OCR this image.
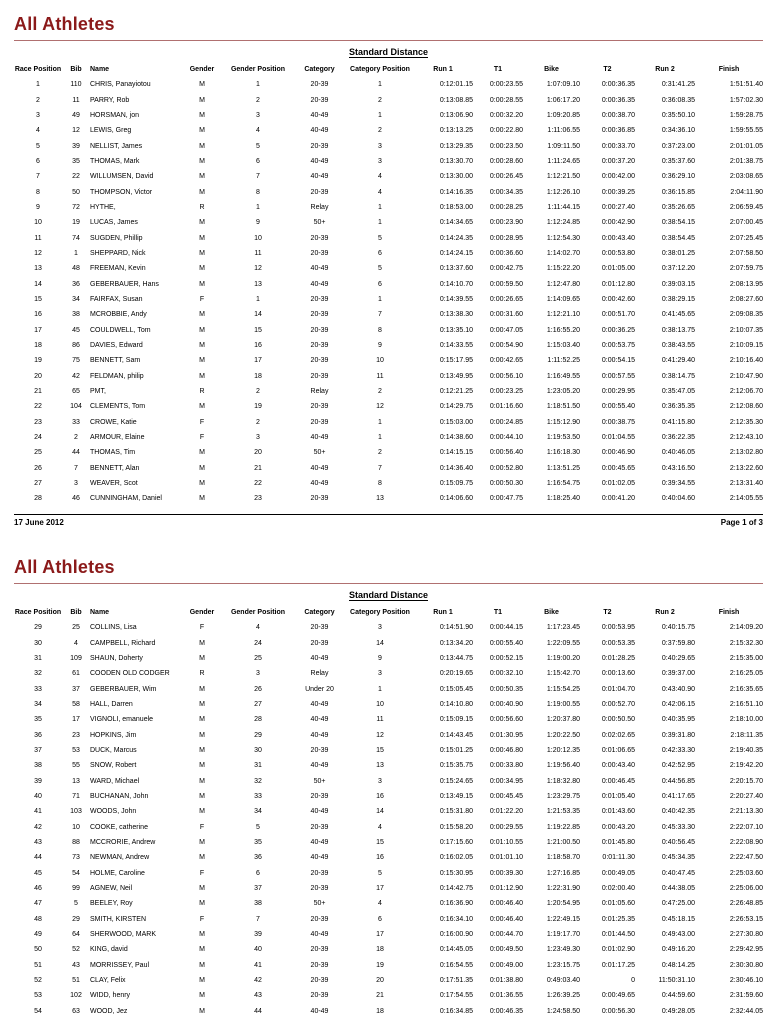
All Athletes
Standard Distance
Race Position	Bib	Name	Gender	Gender Position	Category	Category Position	Run 1	T1	Bike	T2	Run 2	Finish
1	110	CHRIS, Panayiotou	M	1	20-39	1	0:12:01.15	0:00:23.55	1:07:09.10	0:00:36.35	0:31:41.25	1:51:51.40
2	11	PARRY, Rob	M	2	20-39	2	0:13:08.85	0:00:28.55	1:06:17.20	0:00:36.35	0:36:08.35	1:57:02.30
3	49	HORSMAN, jon	M	3	40-49	1	0:13:06.90	0:00:32.20	1:09:20.85	0:00:38.70	0:35:50.10	1:59:28.75
4	12	LEWIS, Greg	M	4	40-49	2	0:13:13.25	0:00:22.80	1:11:06.55	0:00:36.85	0:34:36.10	1:59:55.55
5	39	NELLIST, James	M	5	20-39	3	0:13:29.35	0:00:23.50	1:09:11.50	0:00:33.70	0:37:23.00	2:01:01.05
6	35	THOMAS, Mark	M	6	40-49	3	0:13:30.70	0:00:28.60	1:11:24.65	0:00:37.20	0:35:37.60	2:01:38.75
7	22	WILLUMSEN, David	M	7	40-49	4	0:13:30.00	0:00:26.45	1:12:21.50	0:00:42.00	0:36:29.10	2:03:08.65
8	50	THOMPSON, Victor	M	8	20-39	4	0:14:16.35	0:00:34.35	1:12:26.10	0:00:39.25	0:36:15.85	2:04:11.90
9	72	HYTHE,	R	1	Relay	1	0:18:53.00	0:00:28.25	1:11:44.15	0:00:27.40	0:35:26.65	2:06:59.45
10	19	LUCAS, James	M	9	50+	1	0:14:34.65	0:00:23.90	1:12:24.85	0:00:42.90	0:38:54.15	2:07:00.45
11	74	SUGDEN, Phillip	M	10	20-39	5	0:14:24.35	0:00:28.95	1:12:54.30	0:00:43.40	0:38:54.45	2:07:25.45
12	1	SHEPPARD, Nick	M	11	20-39	6	0:14:24.15	0:00:36.60	1:14:02.70	0:00:53.80	0:38:01.25	2:07:58.50
13	48	FREEMAN, Kevin	M	12	40-49	5	0:13:37.60	0:00:42.75	1:15:22.20	0:01:05.00	0:37:12.20	2:07:59.75
14	36	GEBERBAUER, Hans	M	13	40-49	6	0:14:10.70	0:00:59.50	1:12:47.80	0:01:12.80	0:39:03.15	2:08:13.95
15	34	FAIRFAX, Susan	F	1	20-39	1	0:14:39.55	0:00:26.65	1:14:09.65	0:00:42.60	0:38:29.15	2:08:27.60
16	38	MCROBBIE, Andy	M	14	20-39	7	0:13:38.30	0:00:31.60	1:12:21.10	0:00:51.70	0:41:45.65	2:09:08.35
17	45	COULDWELL, Tom	M	15	20-39	8	0:13:35.10	0:00:47.05	1:16:55.20	0:00:36.25	0:38:13.75	2:10:07.35
18	86	DAVIES, Edward	M	16	20-39	9	0:14:33.55	0:00:54.90	1:15:03.40	0:00:53.75	0:38:43.55	2:10:09.15
19	75	BENNETT, Sam	M	17	20-39	10	0:15:17.95	0:00:42.65	1:11:52.25	0:00:54.15	0:41:29.40	2:10:16.40
20	42	FELDMAN, philip	M	18	20-39	11	0:13:49.95	0:00:56.10	1:16:49.55	0:00:57.55	0:38:14.75	2:10:47.90
21	65	PMT,	R	2	Relay	2	0:12:21.25	0:00:23.25	1:23:05.20	0:00:29.95	0:35:47.05	2:12:06.70
22	104	CLEMENTS, Tom	M	19	20-39	12	0:14:29.75	0:01:16.60	1:18:51.50	0:00:55.40	0:36:35.35	2:12:08.60
23	33	CROWE, Katie	F	2	20-39	1	0:15:03.00	0:00:24.85	1:15:12.90	0:00:38.75	0:41:15.80	2:12:35.30
24	2	ARMOUR, Elaine	F	3	40-49	1	0:14:38.60	0:00:44.10	1:19:53.50	0:01:04.55	0:36:22.35	2:12:43.10
25	44	THOMAS, Tim	M	20	50+	2	0:14:15.15	0:00:56.40	1:16:18.30	0:00:46.90	0:40:46.05	2:13:02.80
26	7	BENNETT, Alan	M	21	40-49	7	0:14:36.40	0:00:52.80	1:13:51.25	0:00:45.65	0:43:16.50	2:13:22.60
27	3	WEAVER, Scot	M	22	40-49	8	0:15:09.75	0:00:50.30	1:16:54.75	0:01:02.05	0:39:34.55	2:13:31.40
28	46	CUNNINGHAM, Daniel	M	23	20-39	13	0:14:06.60	0:00:47.75	1:18:25.40	0:00:41.20	0:40:04.60	2:14:05.55
17 June 2012	Page 1 of 3
All Athletes
Standard Distance
Race Position	Bib	Name	Gender	Gender Position	Category	Category Position	Run 1	T1	Bike	T2	Run 2	Finish
29	25	COLLINS, Lisa	F	4	20-39	3	0:14:51.90	0:00:44.15	1:17:23.45	0:00:53.95	0:40:15.75	2:14:09.20
30	4	CAMPBELL, Richard	M	24	20-39	14	0:13:34.20	0:00:55.40	1:22:09.55	0:00:53.35	0:37:59.80	2:15:32.30
31	109	SHAUN, Doherty	M	25	40-49	9	0:13:44.75	0:00:52.15	1:19:00.20	0:01:28.25	0:40:29.65	2:15:35.00
32	61	COODEN OLD CODGER	R	3	Relay	3	0:20:19.65	0:00:32.10	1:15:42.70	0:00:13.60	0:39:37.00	2:16:25.05
33	37	GEBERBAUER, Wim	M	26	Under 20	1	0:15:05.45	0:00:50.35	1:15:54.25	0:01:04.70	0:43:40.90	2:16:35.65
34	58	HALL, Darren	M	27	40-49	10	0:14:10.80	0:00:40.90	1:19:00.55	0:00:52.70	0:42:06.15	2:16:51.10
35	17	VIGNOLI, emanuele	M	28	40-49	11	0:15:09.15	0:00:56.60	1:20:37.80	0:00:50.50	0:40:35.95	2:18:10.00
36	23	HOPKINS, Jim	M	29	40-49	12	0:14:43.45	0:01:30.95	1:20:22.50	0:02:02.65	0:39:31.80	2:18:11.35
37	53	DUCK, Marcus	M	30	20-39	15	0:15:01.25	0:00:46.80	1:20:12.35	0:01:06.65	0:42:33.30	2:19:40.35
38	55	SNOW, Robert	M	31	40-49	13	0:15:35.75	0:00:33.80	1:19:56.40	0:00:43.40	0:42:52.95	2:19:42.20
39	13	WARD, Michael	M	32	50+	3	0:15:24.65	0:00:34.95	1:18:32.80	0:00:46.45	0:44:56.85	2:20:15.70
40	71	BUCHANAN, John	M	33	20-39	16	0:13:49.15	0:00:45.45	1:23:29.75	0:01:05.40	0:41:17.65	2:20:27.40
41	103	WOODS, John	M	34	40-49	14	0:15:31.80	0:01:22.20	1:21:53.35	0:01:43.60	0:40:42.35	2:21:13.30
42	10	COOKE, catherine	F	5	20-39	4	0:15:58.20	0:00:29.55	1:19:22.85	0:00:43.20	0:45:33.30	2:22:07.10
43	88	MCCRORIE, Andrew	M	35	40-49	15	0:17:15.60	0:01:10.55	1:21:00.50	0:01:45.80	0:40:56.45	2:22:08.90
44	73	NEWMAN, Andrew	M	36	40-49	16	0:16:02.05	0:01:01.10	1:18:58.70	0:01:11.30	0:45:34.35	2:22:47.50
45	54	HOLME, Caroline	F	6	20-39	5	0:15:30.95	0:00:39.30	1:27:16.85	0:00:49.05	0:40:47.45	2:25:03.60
46	99	AGNEW, Neil	M	37	20-39	17	0:14:42.75	0:01:12.90	1:22:31.90	0:02:00.40	0:44:38.05	2:25:06.00
47	5	BEELEY, Roy	M	38	50+	4	0:16:36.90	0:00:46.40	1:20:54.95	0:01:05.60	0:47:25.00	2:26:48.85
48	29	SMITH, KIRSTEN	F	7	20-39	6	0:16:34.10	0:00:46.40	1:22:49.15	0:01:25.35	0:45:18.15	2:26:53.15
49	64	SHERWOOD, MARK	M	39	40-49	17	0:16:00.90	0:00:44.70	1:19:17.70	0:01:44.50	0:49:43.00	2:27:30.80
50	52	KING, david	M	40	20-39	18	0:14:45.05	0:00:49.50	1:23:49.30	0:01:02.90	0:49:16.20	2:29:42.95
51	43	MORRISSEY, Paul	M	41	20-39	19	0:16:54.55	0:00:49.00	1:23:15.75	0:01:17.25	0:48:14.25	2:30:30.80
52	51	CLAY, Felix	M	42	20-39	20	0:17:51.35	0:01:38.80	0:49:03.40	0	11:50:31.10	2:30:46.10
53	102	WIDD, henry	M	43	20-39	21	0:17:54.55	0:01:36.55	1:26:39.25	0:00:49.65	0:44:59.60	2:31:59.60
54	63	WOOD, Jez	M	44	40-49	18	0:16:34.85	0:00:46.35	1:24:58.50	0:00:56.30	0:49:28.05	2:32:44.05
